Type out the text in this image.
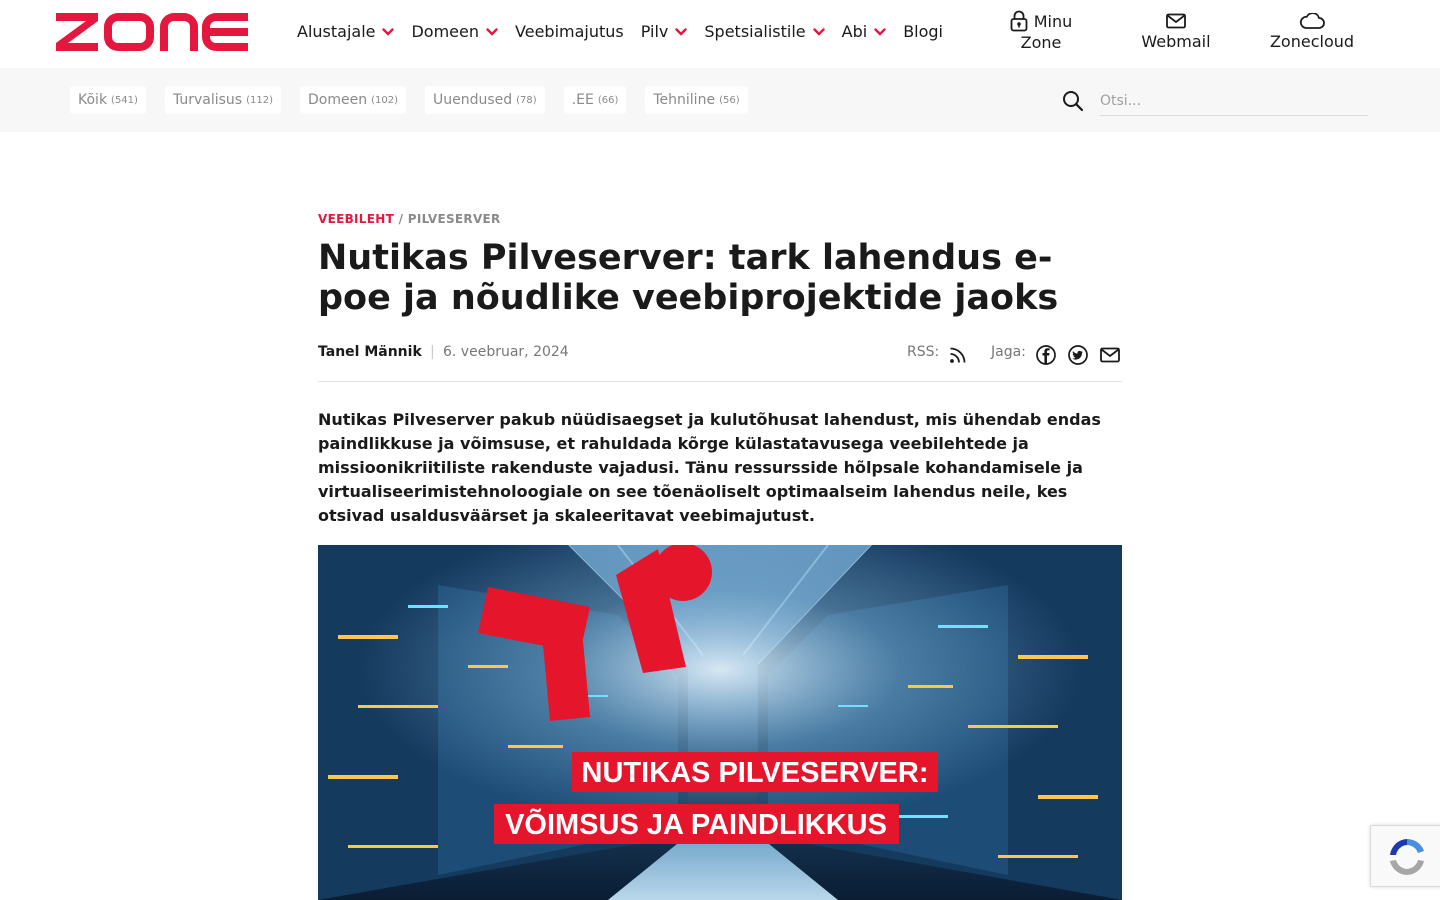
Alustajale Domeen Veebimajutus Pilv Spetsialistile Abi Blogi
Minu
Zone	Webmail	Zonecloud
Kõik (541)	Turvalisus (112)	Domeen (102)	Uuendused (78)	.EE (66)	Tehniline (56)
Otsi...
VEEBILEHT / PILVESERVER
Nutikas Pilveserver: tark lahendus e-poe ja nõudlike veebiprojektide jaoks
Tanel Männik | 6. veebruar, 2024	RSS:	Jaga:

Nutikas Pilveserver pakub nüüdisaegset ja kulutõhusat lahendust, mis ühendab endas paindlikkuse ja võimsuse, et rahuldada kõrge külastatavusega veebilehtede ja missioonikriitiliste rakenduste vajadusi. Tänu ressursside hõlpsale kohandamisele ja virtualiseerimistehnoloogiale on see tõenäoliselt optimaalseim lahendus neile, kes otsivad usaldusväärset ja skaleeritavat veebimajutust.

NUTIKAS PILVESERVER:
VÕIMSUS JA PAINDLIKKUS
